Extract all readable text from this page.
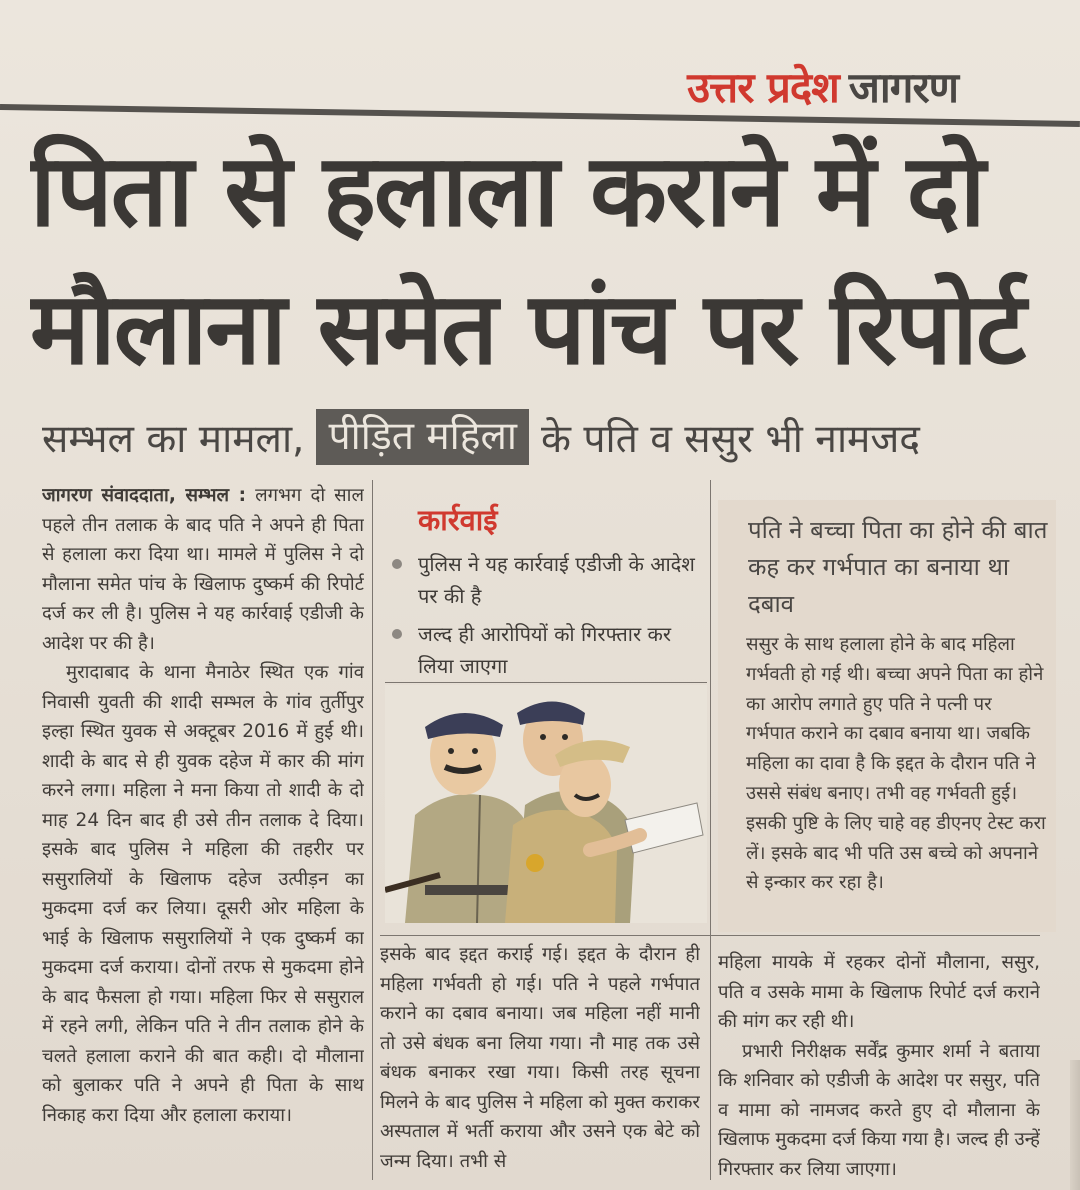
उत्तर प्रदेश जागरण
पिता से हलाला कराने में दो
मौलाना समेत पांच पर रिपोर्ट
सम्भल का मामला, पीड़ित महिला के पति व ससुर भी नामजद

जागरण संवाददाता, सम्भल : लगभग दो साल पहले तीन तलाक के बाद पति ने अपने ही पिता से हलाला करा दिया था। मामले में पुलिस ने दो मौलाना समेत पांच के खिलाफ दुष्कर्म की रिपोर्ट दर्ज कर ली है। पुलिस ने यह कार्रवाई एडीजी के आदेश पर की है।

मुरादाबाद के थाना मैनाठेर स्थित एक गांव निवासी युवती की शादी सम्भल के गांव तुर्तीपुर इल्हा स्थित युवक से अक्टूबर 2016 में हुई थी। शादी के बाद से ही युवक दहेज में कार की मांग करने लगा। महिला ने मना किया तो शादी के दो माह 24 दिन बाद ही उसे तीन तलाक दे दिया। इसके बाद पुलिस ने महिला की तहरीर पर ससुरालियों के खिलाफ दहेज उत्पीड़न का मुकदमा दर्ज कर लिया। दूसरी ओर महिला के भाई के खिलाफ ससुरालियों ने एक दुष्कर्म का मुकदमा दर्ज कराया। दोनों तरफ से मुकदमा होने के बाद फैसला हो गया। महिला फिर से ससुराल में रहने लगी, लेकिन पति ने तीन तलाक होने के चलते हलाला कराने की बात कही। दो मौलाना को बुलाकर पति ने अपने ही पिता के साथ निकाह करा दिया और हलाला कराया।

कार्रवाई
पुलिस ने यह कार्रवाई एडीजी के आदेश पर की है
जल्द ही आरोपियों को गिरफ्तार कर लिया जाएगा
पति ने बच्चा पिता का होने की बात कह कर गर्भपात का बनाया था दबाव
ससुर के साथ हलाला होने के बाद महिला गर्भवती हो गई थी। बच्चा अपने पिता का होने का आरोप लगाते हुए पति ने पत्नी पर गर्भपात कराने का दबाव बनाया था। जबकि महिला का दावा है कि इद्दत के दौरान पति ने उससे संबंध बनाए। तभी वह गर्भवती हुई। इसकी पुष्टि के लिए चाहे वह डीएनए टेस्ट करा लें। इसके बाद भी पति उस बच्चे को अपनाने से इन्कार कर रहा है।

इसके बाद इद्दत कराई गई। इद्दत के दौरान ही महिला गर्भवती हो गई। पति ने पहले गर्भपात कराने का दबाव बनाया। जब महिला नहीं मानी तो उसे बंधक बना लिया गया। नौ माह तक उसे बंधक बनाकर रखा गया। किसी तरह सूचना मिलने के बाद पुलिस ने महिला को मुक्त कराकर अस्पताल में भर्ती कराया और उसने एक बेटे को जन्म दिया। तभी से

महिला मायके में रहकर दोनों मौलाना, ससुर, पति व उसके मामा के खिलाफ रिपोर्ट दर्ज कराने की मांग कर रही थी।

प्रभारी निरीक्षक सर्वेंद्र कुमार शर्मा ने बताया कि शनिवार को एडीजी के आदेश पर ससुर, पति व मामा को नामजद करते हुए दो मौलाना के खिलाफ मुकदमा दर्ज किया गया है। जल्द ही उन्हें गिरफ्तार कर लिया जाएगा।
